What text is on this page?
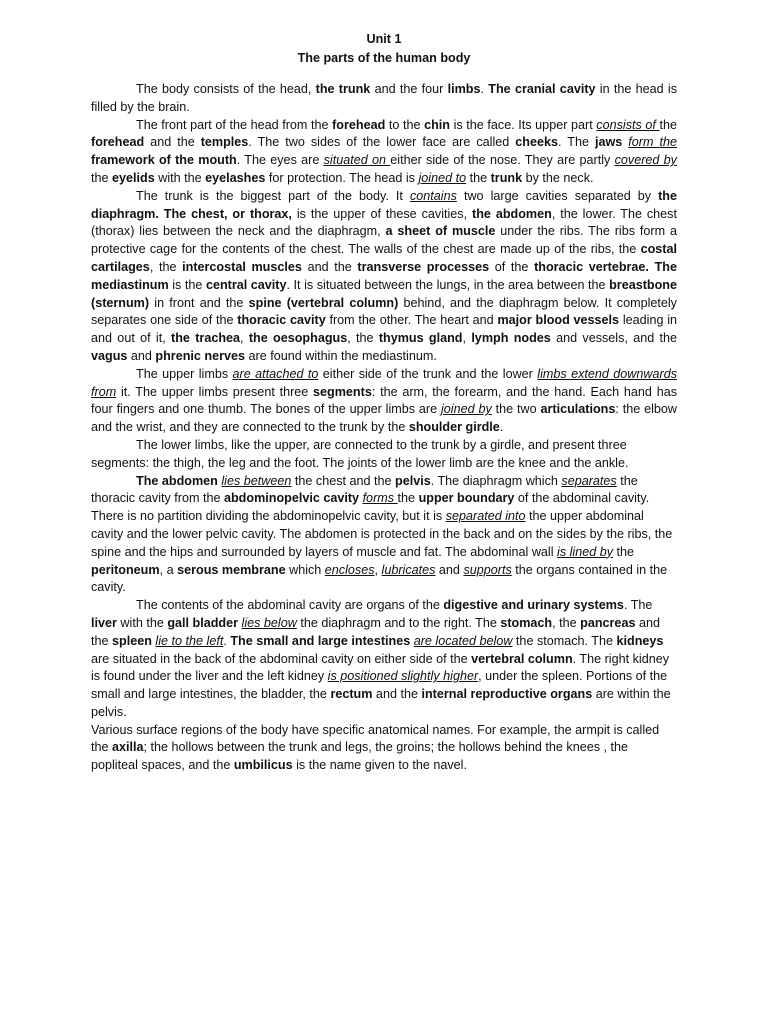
Unit 1

The parts of the human body

The body consists of the head, the trunk and the four limbs. The cranial cavity in the head is filled by the brain.

The front part of the head from the forehead to the chin is the face. Its upper part consists of the forehead and the temples. The two sides of the lower face are called cheeks. The jaws form the framework of the mouth. The eyes are situated on either side of the nose. They are partly covered by the eyelids with the eyelashes for protection. The head is joined to the trunk by the neck.

The trunk is the biggest part of the body. It contains two large cavities separated by the diaphragm. The chest, or thorax, is the upper of these cavities, the abdomen, the lower. The chest (thorax) lies between the neck and the diaphragm, a sheet of muscle under the ribs. The ribs form a protective cage for the contents of the chest. The walls of the chest are made up of the ribs, the costal cartilages, the intercostal muscles and the transverse processes of the thoracic vertebrae. The mediastinum is the central cavity. It is situated between the lungs, in the area between the breastbone (sternum) in front and the spine (vertebral column) behind, and the diaphragm below. It completely separates one side of the thoracic cavity from the other. The heart and major blood vessels leading in and out of it, the trachea, the oesophagus, the thymus gland, lymph nodes and vessels, and the vagus and phrenic nerves are found within the mediastinum.

The upper limbs are attached to either side of the trunk and the lower limbs extend downwards from it. The upper limbs present three segments: the arm, the forearm, and the hand. Each hand has four fingers and one thumb. The bones of the upper limbs are joined by the two articulations: the elbow and the wrist, and they are connected to the trunk by the shoulder girdle.

The lower limbs, like the upper, are connected to the trunk by a girdle, and present three segments: the thigh, the leg and the foot. The joints of the lower limb are the knee and the ankle.

The abdomen lies between the chest and the pelvis. The diaphragm which separates the thoracic cavity from the abdominopelvic cavity forms the upper boundary of the abdominal cavity. There is no partition dividing the abdominopelvic cavity, but it is separated into the upper abdominal cavity and the lower pelvic cavity. The abdomen is protected in the back and on the sides by the ribs, the spine and the hips and surrounded by layers of muscle and fat. The abdominal wall is lined by the peritoneum, a serous membrane which encloses, lubricates and supports the organs contained in the cavity.

The contents of the abdominal cavity are organs of the digestive and urinary systems. The liver with the gall bladder lies below the diaphragm and to the right. The stomach, the pancreas and the spleen lie to the left. The small and large intestines are located below the stomach. The kidneys are situated in the back of the abdominal cavity on either side of the vertebral column. The right kidney is found under the liver and the left kidney is positioned slightly higher, under the spleen. Portions of the small and large intestines, the bladder, the rectum and the internal reproductive organs are within the pelvis.

Various surface regions of the body have specific anatomical names. For example, the armpit is called the axilla; the hollows between the trunk and legs, the groins; the hollows behind the knees , the popliteal spaces, and the umbilicus is the name given to the navel.
